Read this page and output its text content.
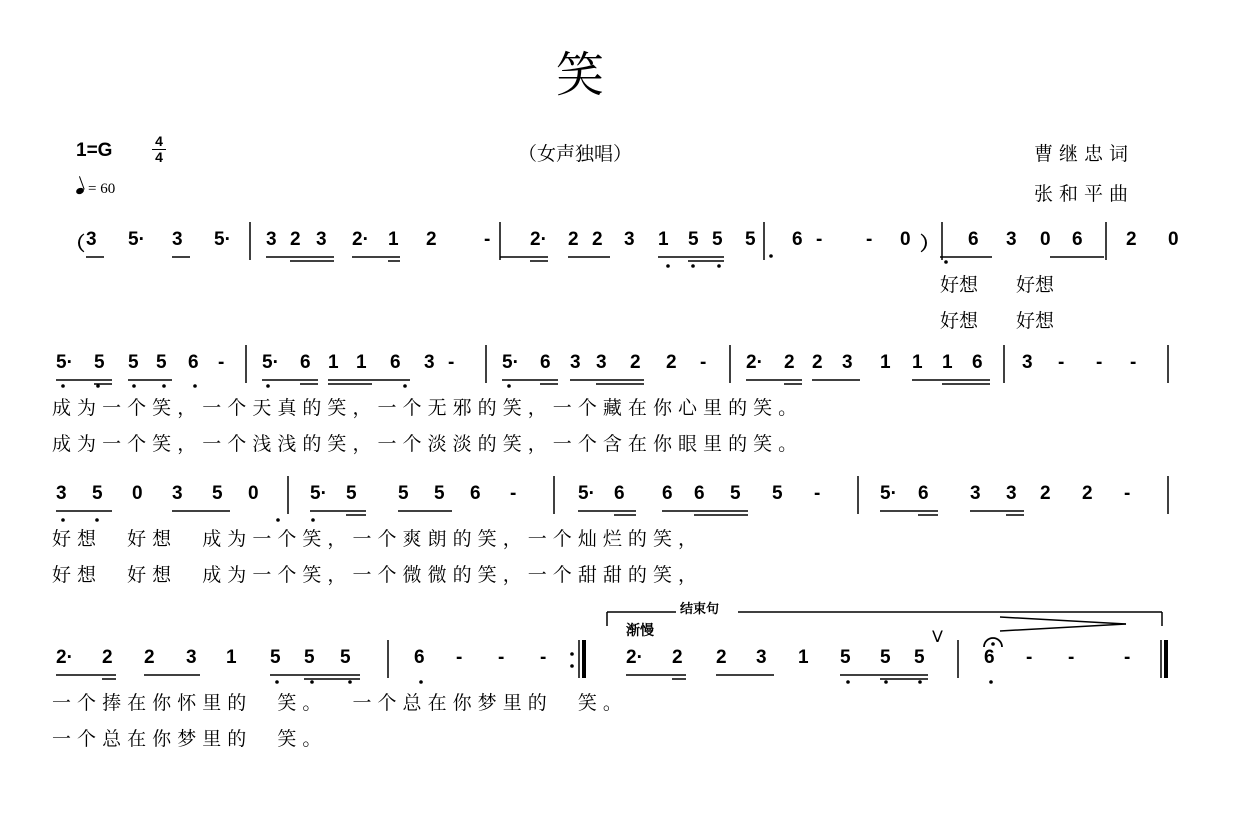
笑
1=G	4
4
= 60
（女声独唱）	曹继忠词
张和平曲
（ 3 5· 3 5· 3 2 3 2· 1 2 - 2· 2 2 3 1 5 5 5 6 - - 0 ） 6 3 0 6 2 0
好想　　好想
好想　　好想
5· 5 5 5 6 - 5· 6 1 1 6 3 -	5· 6 3 3 2 2 - 2· 2 2 3 1 1 1 6 3 - - -
成 为 一 个 笑 ， 一 个 天 真 的 笑 ， 一 个 无 邪 的 笑 ， 一 个 藏 在 你 心 里 的 笑 。
成 为 一 个 笑 ， 一 个 浅 浅 的 笑 ， 一 个 淡 淡 的 笑 ， 一 个 含 在 你 眼 里 的 笑 。
3 5 0 3 5 0	5· 5 5 5 6 -	5· 6 6 6 5 5 -	5· 6 3 3 2 2 -
好 想 　 好 想 　 成 为 一 个 笑 ， 一 个 爽 朗 的 笑 ， 一 个 灿 烂 的 笑 ，
好 想 　 好 想 　 成 为 一 个 笑 ， 一 个 微 微 的 笑 ， 一 个 甜 甜 的 笑 ，
2· 2 2 3 1 5 5 5	6 - - -	2· 2 2 3 1 5 5 5	6 - -	-
一 个 捧 在 你 怀 里 的 　 笑 。 　 一 个 总 在 你 梦 里 的 　 笑 。
一 个 总 在 你 梦 里 的 　 笑 。
结束句
渐慢	V
